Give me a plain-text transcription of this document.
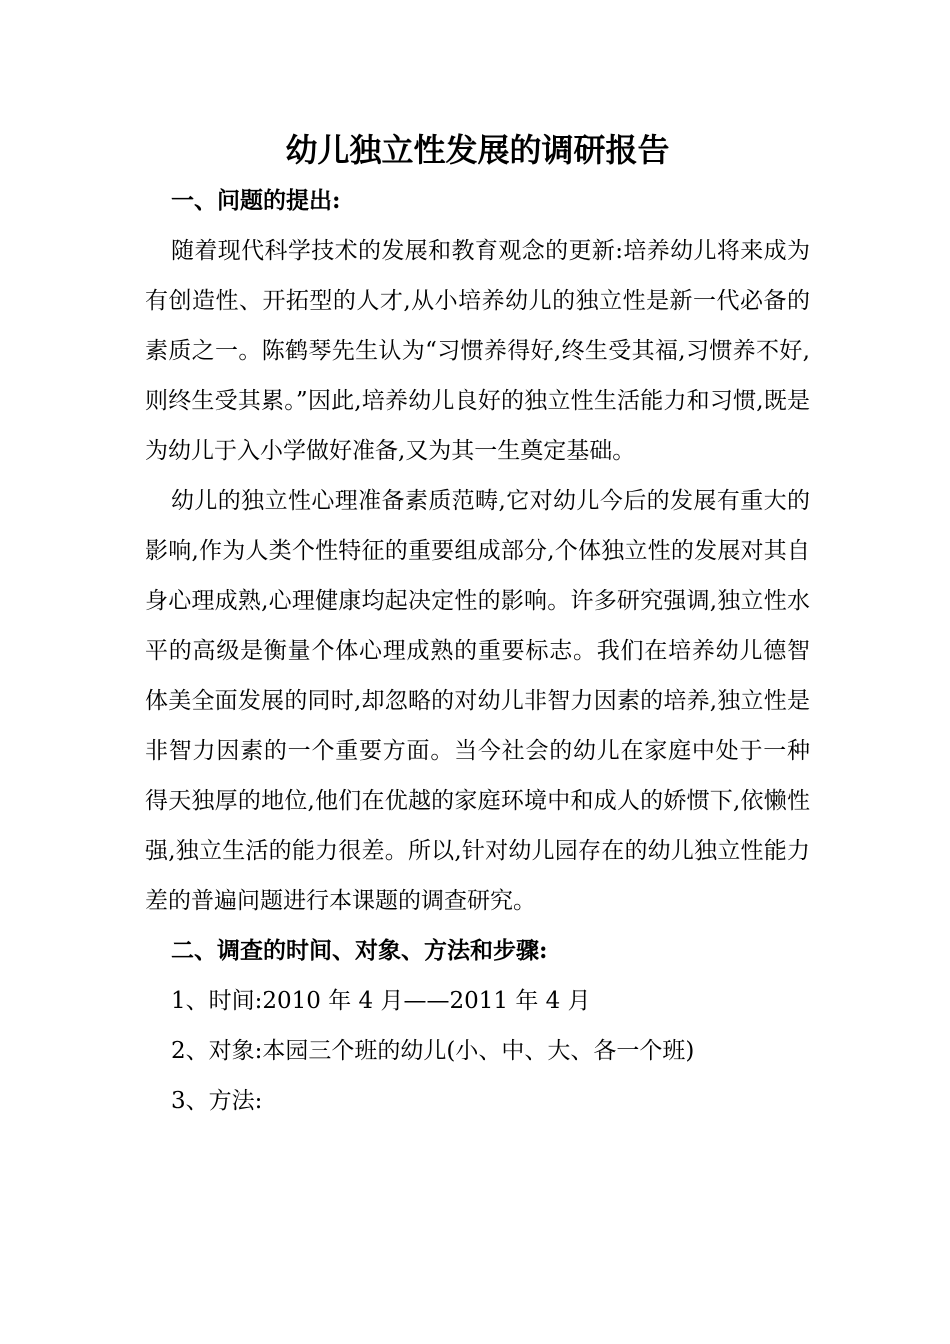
幼儿独立性发展的调研报告
一、问题的提出:

随着现代科学技术的发展和教育观念的更新:培养幼儿将来成为有创造性、开拓型的人才,从小培养幼儿的独立性是新一代必备的素质之一。陈鹤琴先生认为“习惯养得好,终生受其福,习惯养不好,则终生受其累。”因此,培养幼儿良好的独立性生活能力和习惯,既是为幼儿于入小学做好准备,又为其一生奠定基础。

幼儿的独立性心理准备素质范畴,它对幼儿今后的发展有重大的影响,作为人类个性特征的重要组成部分,个体独立性的发展对其自身心理成熟,心理健康均起决定性的影响。许多研究强调,独立性水平的高级是衡量个体心理成熟的重要标志。我们在培养幼儿德智体美全面发展的同时,却忽略的对幼儿非智力因素的培养,独立性是非智力因素的一个重要方面。当今社会的幼儿在家庭中处于一种得天独厚的地位,他们在优越的家庭环境中和成人的娇惯下,依懒性强,独立生活的能力很差。所以,针对幼儿园存在的幼儿独立性能力差的普遍问题进行本课题的调查研究。

二、调查的时间、对象、方法和步骤:

1、时间:2010 年 4 月——2011 年 4 月

2、对象:本园三个班的幼儿(小、中、大、各一个班)

3、方法:
